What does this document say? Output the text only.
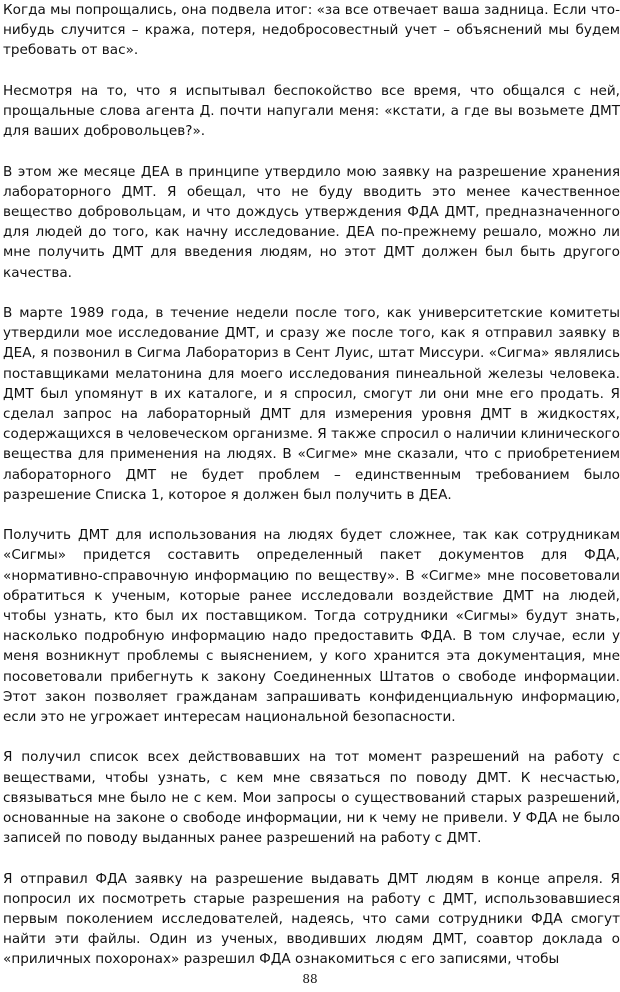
Когда мы попрощались, она подвела итог: «за все отвечает ваша задница. Если что-нибудь случится – кража, потеря, недобросовестный учет – объяснений мы будем требовать от вас».

Несмотря на то, что я испытывал беспокойство все время, что общался с ней, прощальные слова агента Д. почти напугали меня: «кстати, а где вы возьмете ДМТ для ваших добровольцев?».

В этом же месяце ДЕА в принципе утвердило мою заявку на разрешение хранения лабораторного ДМТ. Я обещал, что не буду вводить это менее качественное вещество добровольцам, и что дождусь утверждения ФДА ДМТ, предназначенного для людей до того, как начну исследование. ДЕА по-прежнему решало, можно ли мне получить ДМТ для введения людям, но этот ДМТ должен был быть другого качества.

В марте 1989 года, в течение недели после того, как университетские комитеты утвердили мое исследование ДМТ, и сразу же после того, как я отправил заявку в ДЕА, я позвонил в Сигма Лабораториз в Сент Луис, штат Миссури. «Сигма» являлись поставщиками мелатонина для моего исследования пинеальной железы человека. ДМТ был упомянут в их каталоге, и я спросил, смогут ли они мне его продать. Я сделал запрос на лабораторный ДМТ для измерения уровня ДМТ в жидкостях, содержащихся в человеческом организме. Я также спросил о наличии клинического вещества для применения на людях. В «Сигме» мне сказали, что с приобретением лабораторного ДМТ не будет проблем – единственным требованием было разрешение Списка 1, которое я должен был получить в ДЕА.

Получить ДМТ для использования на людях будет сложнее, так как сотрудникам «Сигмы» придется составить определенный пакет документов для ФДА, «нормативно-справочную информацию по веществу». В «Сигме» мне посоветовали обратиться к ученым, которые ранее исследовали воздействие ДМТ на людей, чтобы узнать, кто был их поставщиком. Тогда сотрудники «Сигмы» будут знать, насколько подробную информацию надо предоставить ФДА. В том случае, если у меня возникнут проблемы с выяснением, у кого хранится эта документация, мне посоветовали прибегнуть к закону Соединенных Штатов о свободе информации. Этот закон позволяет гражданам запрашивать конфиденциальную информацию, если это не угрожает интересам национальной безопасности.

Я получил список всех действовавших на тот момент разрешений на работу с веществами, чтобы узнать, с кем мне связаться по поводу ДМТ. К несчастью, связываться мне было не с кем. Мои запросы о существований старых разрешений, основанные на законе о свободе информации, ни к чему не привели. У ФДА не было записей по поводу выданных ранее разрешений на работу с ДМТ.

Я отправил ФДА заявку на разрешение выдавать ДМТ людям в конце апреля. Я попросил их посмотреть старые разрешения на работу с ДМТ, использовавшиеся первым поколением исследователей, надеясь, что сами сотрудники ФДА смогут найти эти файлы. Один из ученых, вводивших людям ДМТ, соавтор доклада о «приличных похоронах» разрешил ФДА ознакомиться с его записями, чтобы

88
